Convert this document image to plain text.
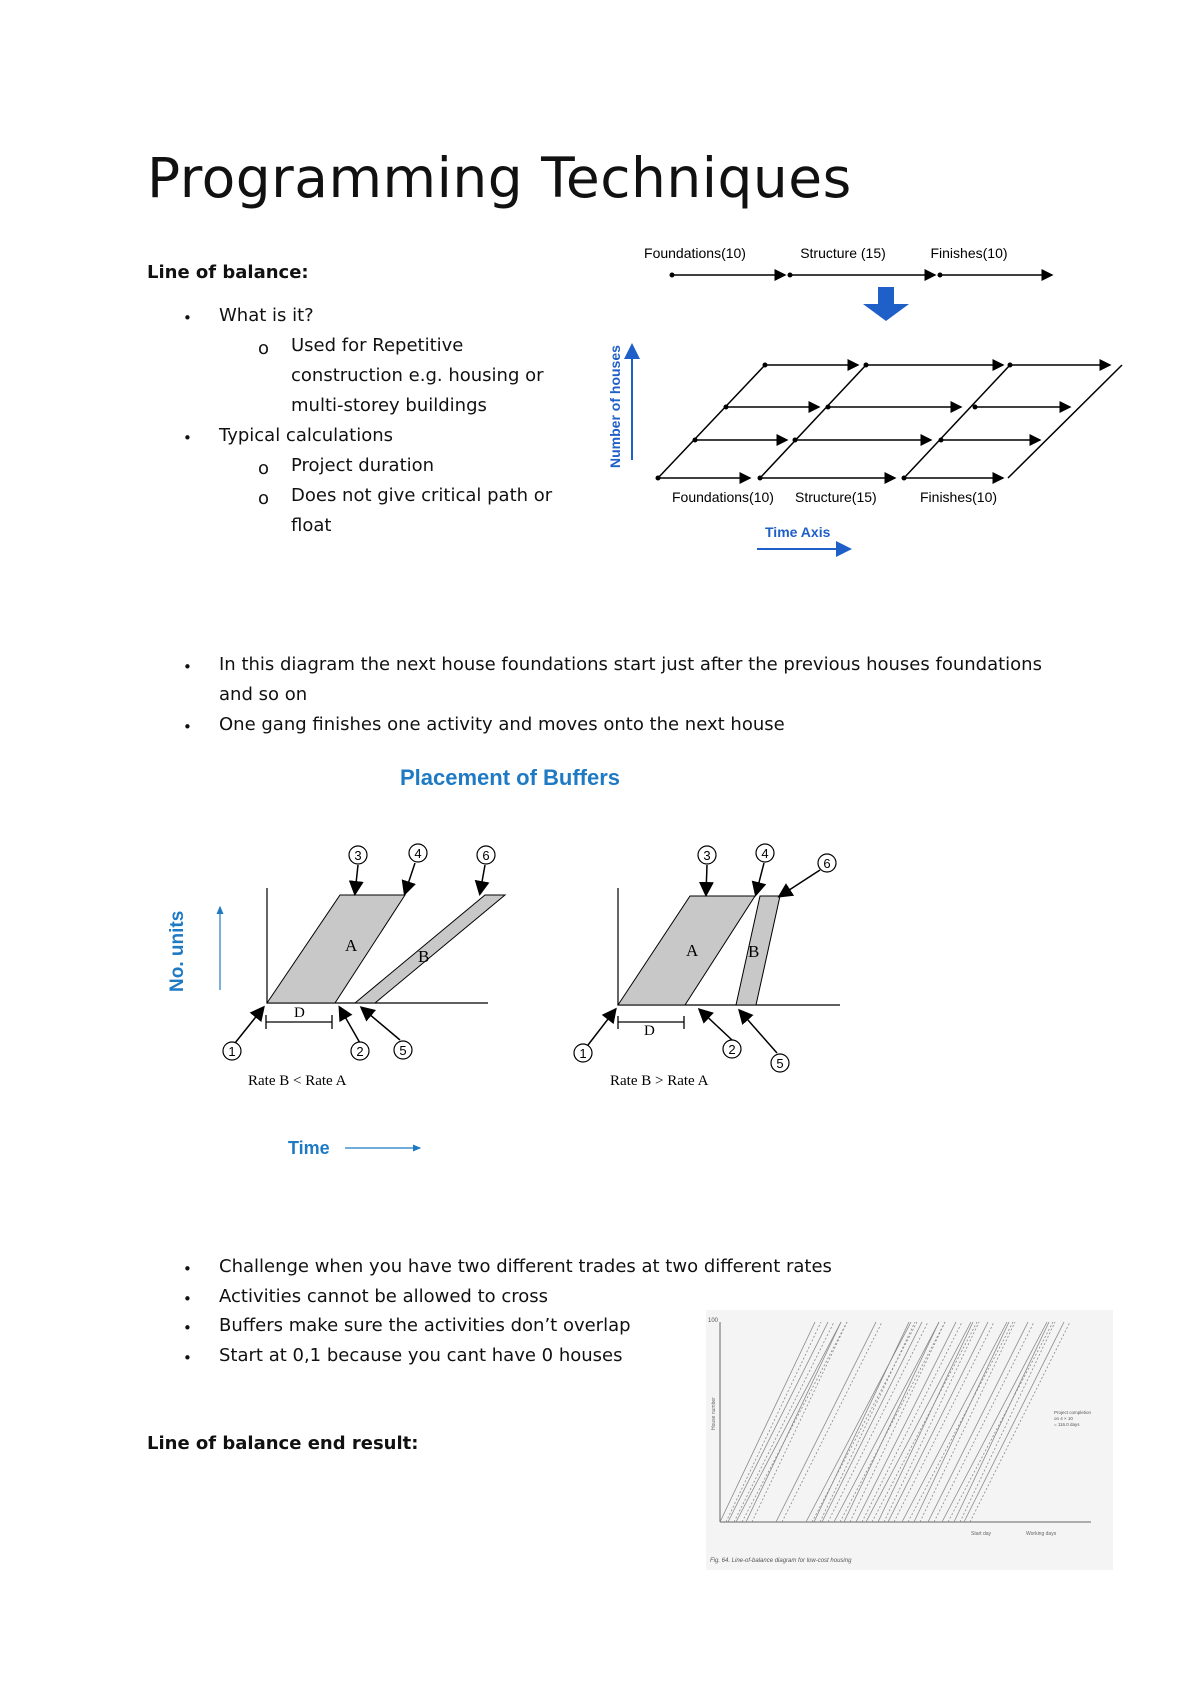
Programming Techniques

Line of balance:

• What is it?
o Used for Repetitive
construction e.g. housing or
multi-storey buildings
• Typical calculations
o Project duration
o Does not give critical path or
float
Foundations(10)	Structure (15)	Finishes(10)
Number of houses
Foundations(10) Structure(15)	Finishes(10)
Time Axis
• In this diagram the next house foundations start just after the previous houses foundations
and so on
• One gang finishes one activity and moves onto the next house
Placement of Buffers
No. units	A
B
D
Rate B < Rate A
1	2
3	4
5
6
A	B
D
Rate B > Rate A
1	2
3	4
5
6
Time
• Challenge when you have two different trades at two different rates
• Activities cannot be allowed to cross
• Buffers make sure the activities don’t overlap
• Start at 0,1 because you cant have 0 houses

Line of balance end result:

100
House number
Start day	Working days
Project completion
on 4 × 10
= 116.0 days
Fig. 64. Line-of-balance diagram for low-cost housing
